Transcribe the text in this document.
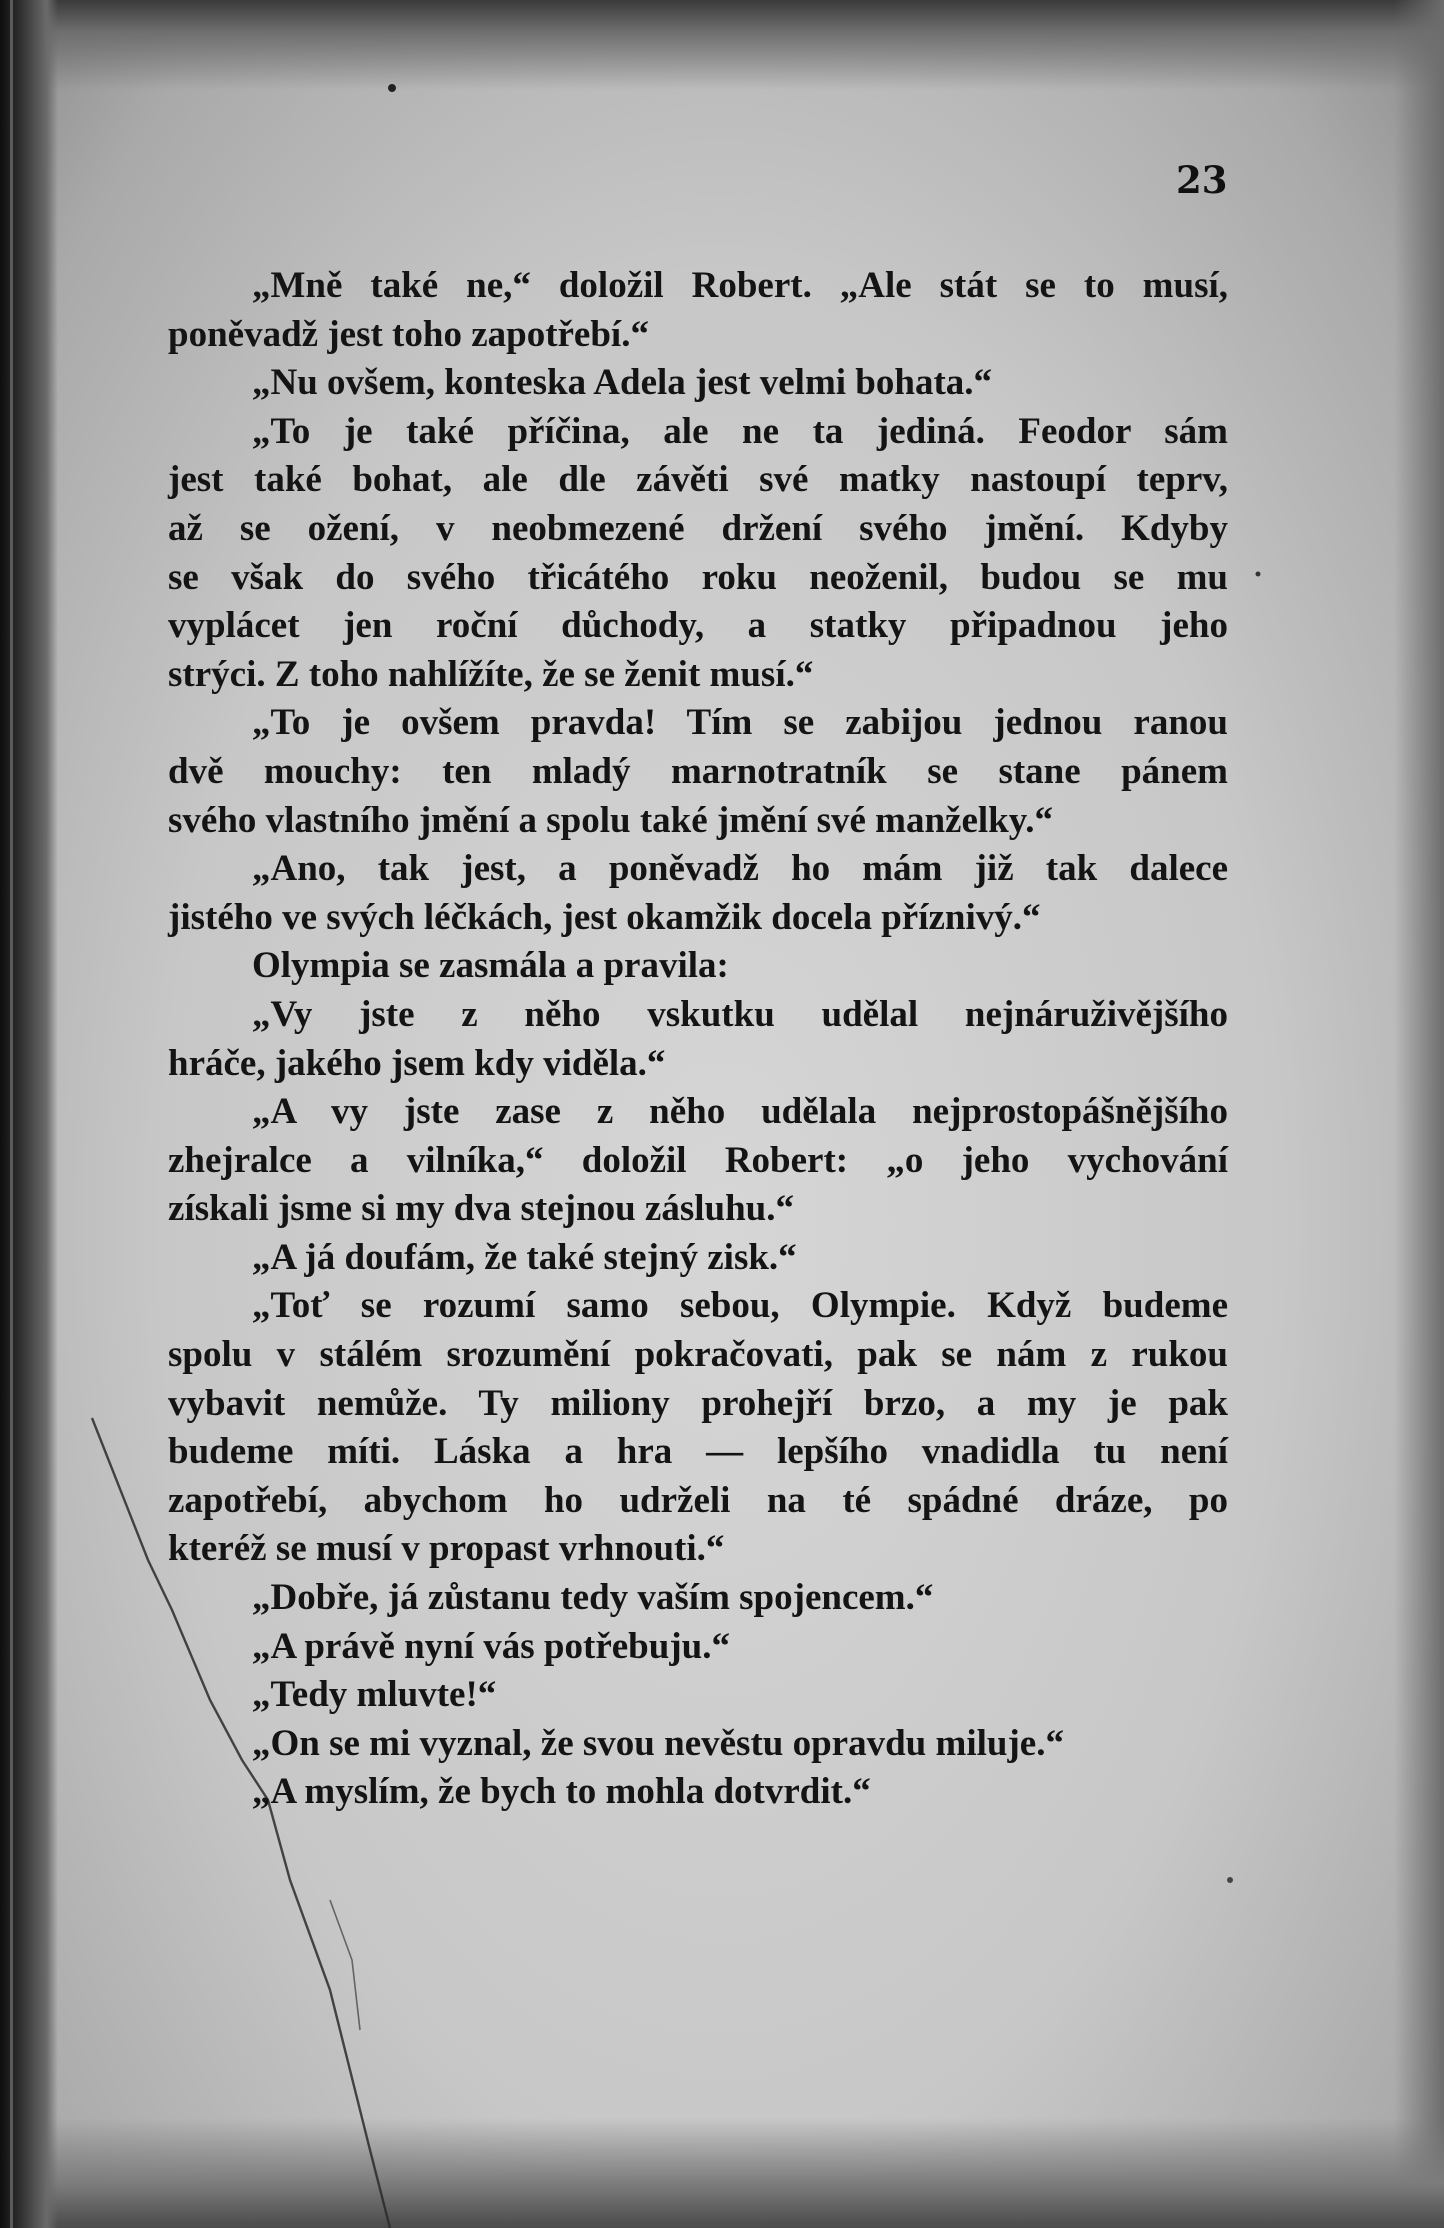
23
„Mně také ne,“ doložil Robert. „Ale stát se to musí,
poněvadž jest toho zapotřebí.“
„Nu ovšem, konteska Adela jest velmi bohata.“
„To je také příčina, ale ne ta jediná. Feodor sám
jest také bohat, ale dle závěti své matky nastoupí teprv,
až se ožení, v neobmezené držení svého jmění. Kdyby
se však do svého třicátého roku neoženil, budou se mu
vyplácet jen roční důchody, a statky připadnou jeho
strýci. Z toho nahlížíte, že se ženit musí.“
„To je ovšem pravda! Tím se zabijou jednou ranou
dvě mouchy: ten mladý marnotratník se stane pánem
svého vlastního jmění a spolu také jmění své manželky.“
„Ano, tak jest, a poněvadž ho mám již tak dalece
jistého ve svých léčkách, jest okamžik docela příznivý.“
Olympia se zasmála a pravila:
„Vy jste z něho vskutku udělal nejnáruživějšího
hráče, jakého jsem kdy viděla.“
„A vy jste zase z něho udělala nejprostopášnějšího
zhejralce a vilníka,“ doložil Robert: „o jeho vychování
získali jsme si my dva stejnou zásluhu.“
„A já doufám, že také stejný zisk.“
„Toť se rozumí samo sebou, Olympie. Když budeme
spolu v stálém srozumění pokračovati, pak se nám z rukou
vybavit nemůže. Ty miliony prohejří brzo, a my je pak
budeme míti. Láska a hra — lepšího vnadidla tu není
zapotřebí, abychom ho udrželi na té spádné dráze, po
kteréž se musí v propast vrhnouti.“
„Dobře, já zůstanu tedy vaším spojencem.“
„A právě nyní vás potřebuju.“
„Tedy mluvte!“
„On se mi vyznal, že svou nevěstu opravdu miluje.“
„A myslím, že bych to mohla dotvrdit.“
